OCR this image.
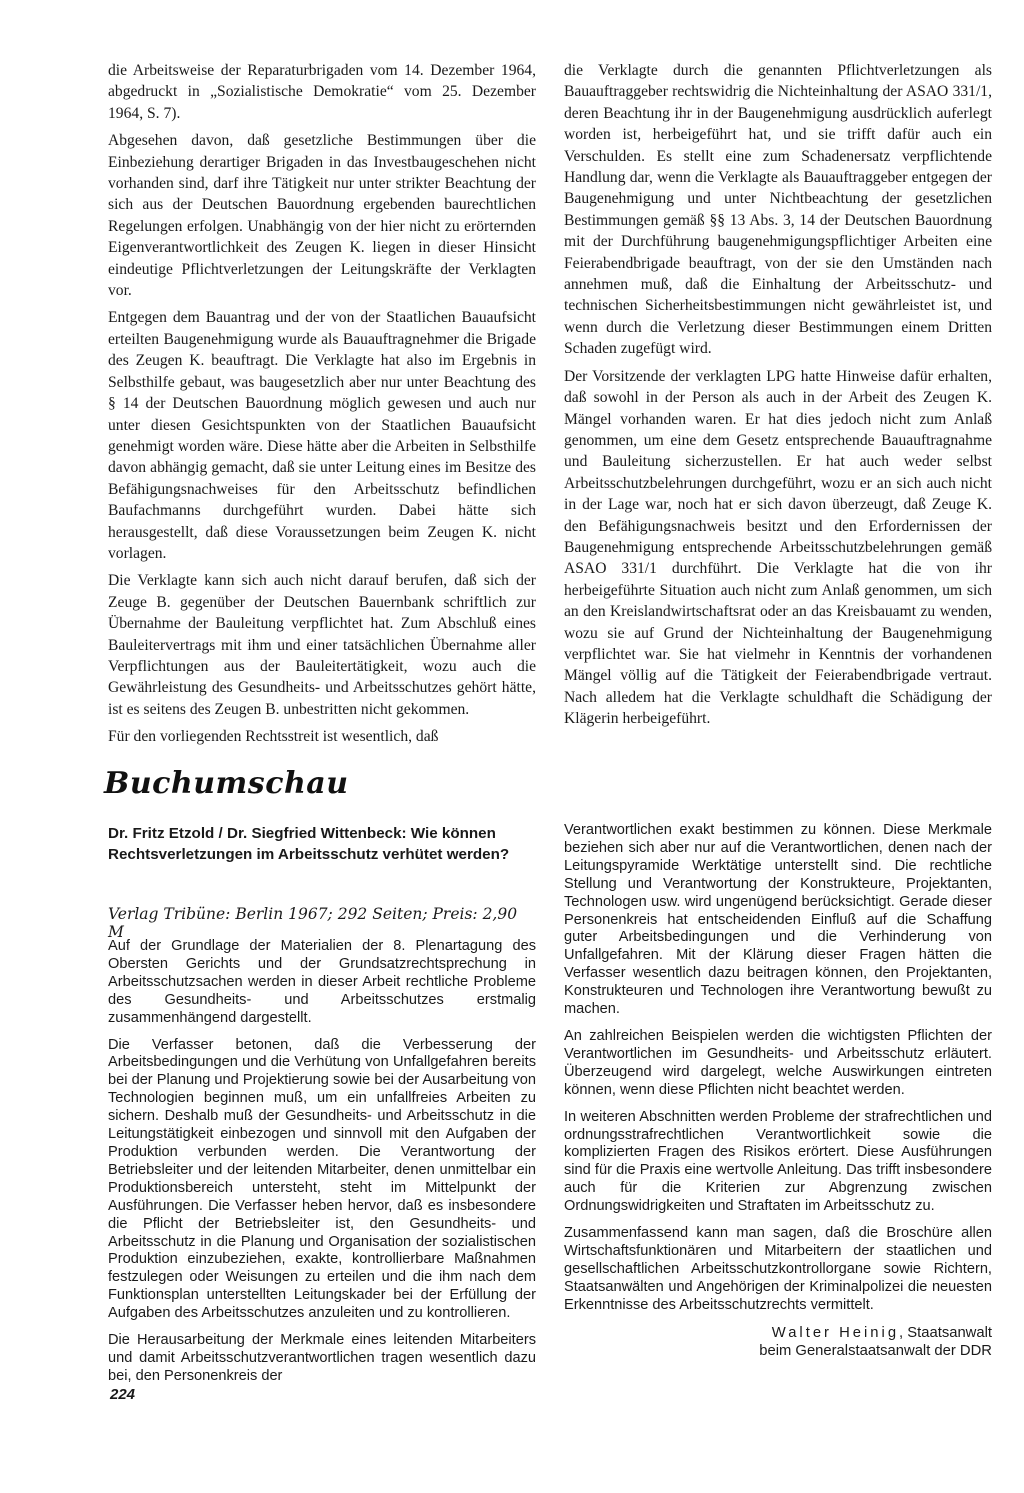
die Arbeitsweise der Reparaturbrigaden vom 14. Dezember 1964, abgedruckt in „Sozialistische Demokratie“ vom 25. Dezember 1964, S. 7).

Abgesehen davon, daß gesetzliche Bestimmungen über die Einbeziehung derartiger Brigaden in das Investbaugeschehen nicht vorhanden sind, darf ihre Tätigkeit nur unter strikter Beachtung der sich aus der Deutschen Bauordnung ergebenden baurechtlichen Regelungen erfolgen. Unabhängig von der hier nicht zu erörternden Eigenverantwortlichkeit des Zeugen K. liegen in dieser Hinsicht eindeutige Pflichtverletzungen der Leitungskräfte der Verklagten vor.

Entgegen dem Bauantrag und der von der Staatlichen Bauaufsicht erteilten Baugenehmigung wurde als Bauauftragnehmer die Brigade des Zeugen K. beauftragt. Die Verklagte hat also im Ergebnis in Selbsthilfe gebaut, was baugesetzlich aber nur unter Beachtung des § 14 der Deutschen Bauordnung möglich gewesen und auch nur unter diesen Gesichtspunkten von der Staatlichen Bauaufsicht genehmigt worden wäre. Diese hätte aber die Arbeiten in Selbsthilfe davon abhängig gemacht, daß sie unter Leitung eines im Besitze des Befähigungsnachweises für den Arbeitsschutz befindlichen Baufachmanns durchgeführt wurden. Dabei hätte sich herausgestellt, daß diese Voraussetzungen beim Zeugen K. nicht vorlagen.

Die Verklagte kann sich auch nicht darauf berufen, daß sich der Zeuge B. gegenüber der Deutschen Bauernbank schriftlich zur Übernahme der Bauleitung verpflichtet hat. Zum Abschluß eines Bauleitervertrags mit ihm und einer tatsächlichen Übernahme aller Verpflichtungen aus der Bauleitertätigkeit, wozu auch die Gewährleistung des Gesundheits- und Arbeitsschutzes gehört hätte, ist es seitens des Zeugen B. unbestritten nicht gekommen.

Für den vorliegenden Rechtsstreit ist wesentlich, daß

die Verklagte durch die genannten Pflichtverletzungen als Bauauftraggeber rechtswidrig die Nichteinhaltung der ASAO 331/1, deren Beachtung ihr in der Baugenehmigung ausdrücklich auferlegt worden ist, herbeigeführt hat, und sie trifft dafür auch ein Verschulden. Es stellt eine zum Schadenersatz verpflichtende Handlung dar, wenn die Verklagte als Bauauftraggeber entgegen der Baugenehmigung und unter Nichtbeachtung der gesetzlichen Bestimmungen gemäß §§ 13 Abs. 3, 14 der Deutschen Bauordnung mit der Durchführung baugenehmigungspflichtiger Arbeiten eine Feierabendbrigade beauftragt, von der sie den Umständen nach annehmen muß, daß die Einhaltung der Arbeitsschutz- und technischen Sicherheitsbestimmungen nicht gewährleistet ist, und wenn durch die Verletzung dieser Bestimmungen einem Dritten Schaden zugefügt wird.

Der Vorsitzende der verklagten LPG hatte Hinweise dafür erhalten, daß sowohl in der Person als auch in der Arbeit des Zeugen K. Mängel vorhanden waren. Er hat dies jedoch nicht zum Anlaß genommen, um eine dem Gesetz entsprechende Bauauftragnahme und Bauleitung sicherzustellen. Er hat auch weder selbst Arbeitsschutzbelehrungen durchgeführt, wozu er an sich auch nicht in der Lage war, noch hat er sich davon überzeugt, daß Zeuge K. den Befähigungsnachweis besitzt und den Erfordernissen der Baugenehmigung entsprechende Arbeitsschutzbelehrungen gemäß ASAO 331/1 durchführt. Die Verklagte hat die von ihr herbeigeführte Situation auch nicht zum Anlaß genommen, um sich an den Kreislandwirtschaftsrat oder an das Kreisbauamt zu wenden, wozu sie auf Grund der Nichteinhaltung der Baugenehmigung verpflichtet war. Sie hat vielmehr in Kenntnis der vorhandenen Mängel völlig auf die Tätigkeit der Feierabendbrigade vertraut. Nach alledem hat die Verklagte schuldhaft die Schädigung der Klägerin herbeigeführt.

Buchumschau
Dr. Fritz Etzold / Dr. Siegfried Wittenbeck: Wie können Rechtsverletzungen im Arbeitsschutz verhütet werden?
Verlag Tribüne: Berlin 1967; 292 Seiten; Preis: 2,90 M

Auf der Grundlage der Materialien der 8. Plenartagung des Obersten Gerichts und der Grundsatzrechtsprechung in Arbeitsschutzsachen werden in dieser Arbeit rechtliche Probleme des Gesundheits- und Arbeitsschutzes erstmalig zusammenhängend dargestellt.

Die Verfasser betonen, daß die Verbesserung der Arbeitsbedingungen und die Verhütung von Unfallgefahren bereits bei der Planung und Projektierung sowie bei der Ausarbeitung von Technologien beginnen muß, um ein unfallfreies Arbeiten zu sichern. Deshalb muß der Gesundheits- und Arbeitsschutz in die Leitungstätigkeit einbezogen und sinnvoll mit den Aufgaben der Produktion verbunden werden. Die Verantwortung der Betriebsleiter und der leitenden Mitarbeiter, denen unmittelbar ein Produktionsbereich untersteht, steht im Mittelpunkt der Ausführungen. Die Verfasser heben hervor, daß es insbesondere die Pflicht der Betriebsleiter ist, den Gesundheits- und Arbeitsschutz in die Planung und Organisation der sozialistischen Produktion einzubeziehen, exakte, kontrollierbare Maßnahmen festzulegen oder Weisungen zu erteilen und die ihm nach dem Funktionsplan unterstellten Leitungskader bei der Erfüllung der Aufgaben des Arbeitsschutzes anzuleiten und zu kontrollieren.

Die Herausarbeitung der Merkmale eines leitenden Mitarbeiters und damit Arbeitsschutzverantwortlichen tragen wesentlich dazu bei, den Personenkreis der

Verantwortlichen exakt bestimmen zu können. Diese Merkmale beziehen sich aber nur auf die Verantwortlichen, denen nach der Leitungspyramide Werktätige unterstellt sind. Die rechtliche Stellung und Verantwortung der Konstrukteure, Projektanten, Technologen usw. wird ungenügend berücksichtigt. Gerade dieser Personenkreis hat entscheidenden Einfluß auf die Schaffung guter Arbeitsbedingungen und die Verhinderung von Unfallgefahren. Mit der Klärung dieser Fragen hätten die Verfasser wesentlich dazu beitragen können, den Projektanten, Konstrukteuren und Technologen ihre Verantwortung bewußt zu machen.

An zahlreichen Beispielen werden die wichtigsten Pflichten der Verantwortlichen im Gesundheits- und Arbeitsschutz erläutert. Überzeugend wird dargelegt, welche Auswirkungen eintreten können, wenn diese Pflichten nicht beachtet werden.

In weiteren Abschnitten werden Probleme der strafrechtlichen und ordnungsstrafrechtlichen Verantwortlichkeit sowie die komplizierten Fragen des Risikos erörtert. Diese Ausführungen sind für die Praxis eine wertvolle Anleitung. Das trifft insbesondere auch für die Kriterien zur Abgrenzung zwischen Ordnungswidrigkeiten und Straftaten im Arbeitsschutz zu.

Zusammenfassend kann man sagen, daß die Broschüre allen Wirtschaftsfunktionären und Mitarbeitern der staatlichen und gesellschaftlichen Arbeitsschutzkontrollorgane sowie Richtern, Staatsanwälten und Angehörigen der Kriminalpolizei die neuesten Erkenntnisse des Arbeitsschutzrechts vermittelt.

Walter Heinig, Staatsanwalt
beim Generalstaatsanwalt der DDR
224
